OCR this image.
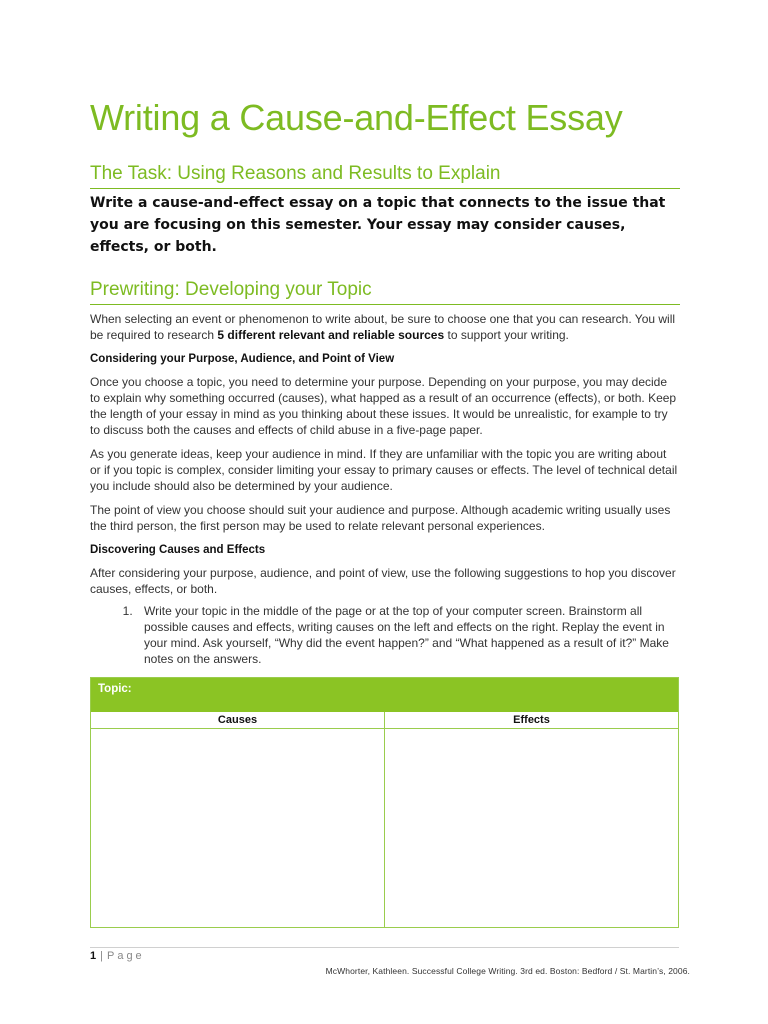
Writing a Cause-and-Effect Essay
The Task: Using Reasons and Results to Explain

Write a cause-and-effect essay on a topic that connects to the issue that you are focusing on this semester. Your essay may consider causes, effects, or both.

Prewriting: Developing your Topic

When selecting an event or phenomenon to write about, be sure to choose one that you can research. You will be required to research 5 different relevant and reliable sources to support your writing.

Considering your Purpose, Audience, and Point of View

Once you choose a topic, you need to determine your purpose. Depending on your purpose, you may decide to explain why something occurred (causes), what happed as a result of an occurrence (effects), or both. Keep the length of your essay in mind as you thinking about these issues. It would be unrealistic, for example to try to discuss both the causes and effects of child abuse in a five-page paper.

As you generate ideas, keep your audience in mind. If they are unfamiliar with the topic you are writing about or if you topic is complex, consider limiting your essay to primary causes or effects. The level of technical detail you include should also be determined by your audience.

The point of view you choose should suit your audience and purpose. Although academic writing usually uses the third person, the first person may be used to relate relevant personal experiences.

Discovering Causes and Effects

After considering your purpose, audience, and point of view, use the following suggestions to hop you discover causes, effects, or both.

1. Write your topic in the middle of the page or at the top of your computer screen. Brainstorm all possible causes and effects, writing causes on the left and effects on the right. Replay the event in your mind. Ask yourself, “Why did the event happen?” and “What happened as a result of it?” Make notes on the answers.
Topic:
Causes	Effects
1 | Page
McWhorter, Kathleen. Successful College Writing. 3rd ed. Boston: Bedford / St. Martin’s, 2006.
